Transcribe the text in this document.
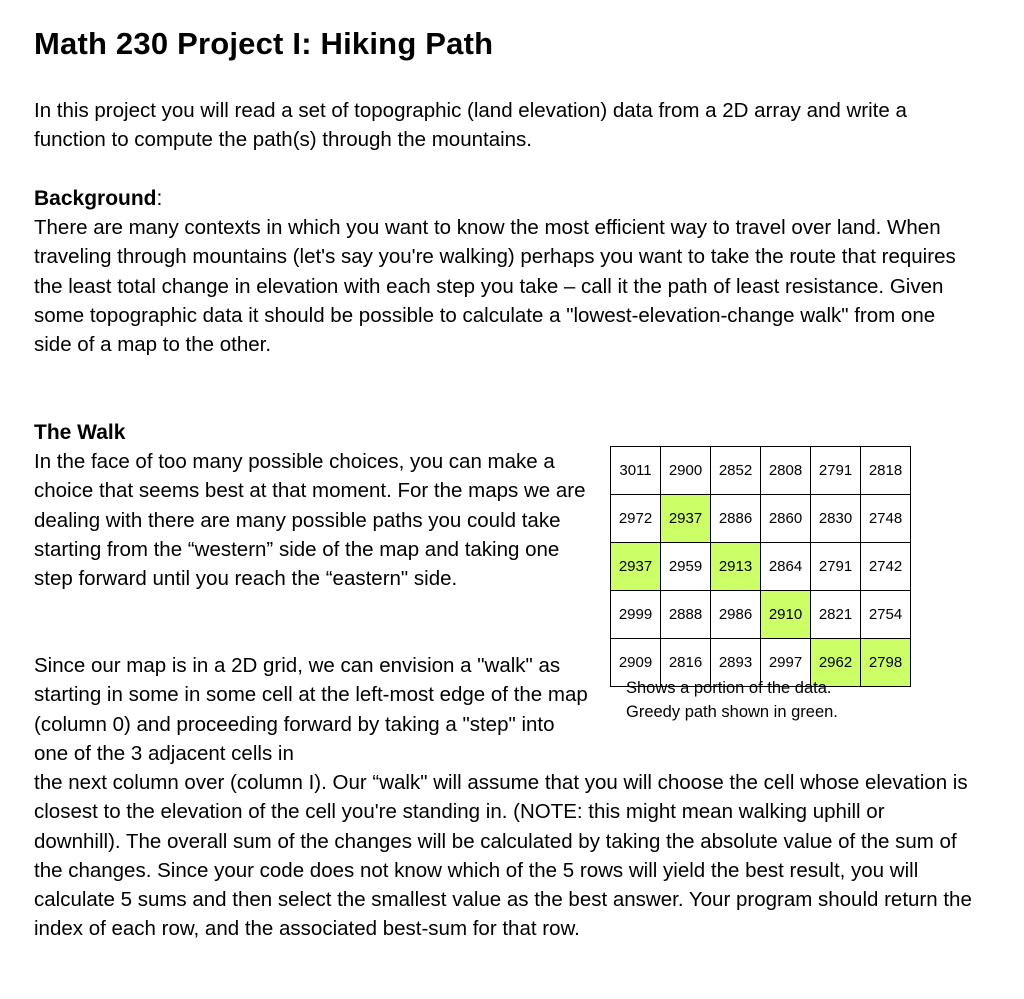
Math 230 Project I: Hiking Path

In this project you will read a set of topographic (land elevation) data from a 2D array and write a function to compute the path(s) through the mountains.

Background:

There are many contexts in which you want to know the most efficient way to travel over land. When traveling through mountains (let's say you're walking) perhaps you want to take the route that requires the least total change in elevation with each step you take – call it the path of least resistance. Given some topographic data it should be possible to calculate a "lowest-elevation-change walk" from one side of a map to the other.

The Walk

In the face of too many possible choices, you can make a choice that seems best at that moment. For the maps we are dealing with there are many possible paths you could take starting from the “western” side of the map and taking one step forward until you reach the “eastern" side.

3011	2900	2852	2808	2791	2818
2972	2937	2886	2860	2830	2748
2937	2959	2913	2864	2791	2742
2999	2888	2986	2910	2821	2754
2909	2816	2893	2997	2962	2798
Shows a portion of the data.
Greedy path shown in green.

Since our map is in a 2D grid, we can envision a "walk" as starting in some in some cell at the left-most edge of the map (column 0) and proceeding forward by taking a "step" into one of the 3 adjacent cells in

the next column over (column I). Our “walk" will assume that you will choose the cell whose elevation is closest to the elevation of the cell you're standing in. (NOTE: this might mean walking uphill or downhill). The overall sum of the changes will be calculated by taking the absolute value of the sum of the changes. Since your code does not know which of the 5 rows will yield the best result, you will calculate 5 sums and then select the smallest value as the best answer. Your program should return the index of each row, and the associated best-sum for that row.
